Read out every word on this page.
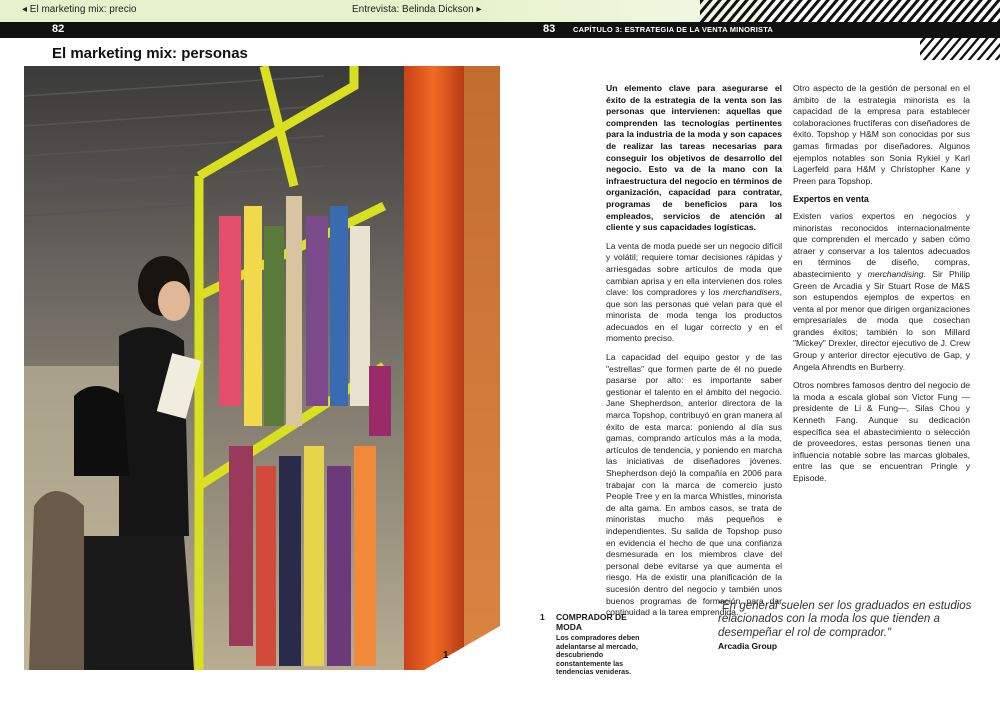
◂ El marketing mix: precio	Entrevista: Belinda Dickson ▸
82	83 CAPÍTULO 3: ESTRATEGIA DE LA VENTA MINORISTA
El marketing mix: personas
1

Un elemento clave para asegurarse el éxito de la estrategia de la venta son las personas que intervienen: aquellas que comprenden las tecnologías pertinentes para la industria de la moda y son capaces de realizar las tareas necesarias para conseguir los objetivos de desarrollo del negocio. Esto va de la mano con la infraestructura del negocio en términos de organización, capacidad para contratar, programas de beneficios para los empleados, servicios de atención al cliente y sus capacidades logísticas.

La venta de moda puede ser un negocio difícil y volátil; requiere tomar decisiones rápidas y arriesgadas sobre artículos de moda que cambian aprisa y en ella intervienen dos roles clave: los compradores y los merchandisers, que son las personas que velan para que el minorista de moda tenga los productos adecuados en el lugar correcto y en el momento preciso.

La capacidad del equipo gestor y de las "estrellas" que formen parte de él no puede pasarse por alto: es importante saber gestionar el talento en el ámbito del negocio. Jane Shepherdson, anterior directora de la marca Topshop, contribuyó en gran manera al éxito de esta marca: poniendo al día sus gamas, comprando artículos más a la moda, artículos de tendencia, y poniendo en marcha las iniciativas de diseñadores jóvenes. Shepherdson dejó la compañía en 2006 para trabajar con la marca de comercio justo People Tree y en la marca Whistles, minorista de alta gama. En ambos casos, se trata de minoristas mucho más pequeños e independientes. Su salida de Topshop puso en evidencia el hecho de que una confianza desmesurada en los miembros clave del personal debe evitarse ya que aumenta el riesgo. Ha de existir una planificación de la sucesión dentro del negocio y también unos buenos programas de formación para dar continuidad a la tarea emprendida.

Otro aspecto de la gestión de personal en el ámbito de la estrategia minorista es la capacidad de la empresa para establecer colaboraciones fructíferas con diseñadores de éxito. Topshop y H&M son conocidas por sus gamas firmadas por diseñadores. Algunos ejemplos notables son Sonia Rykiel y Karl Lagerfeld para H&M y Christopher Kane y Preen para Topshop.

Expertos en venta

Existen varios expertos en negocios y minoristas reconocidos internacionalmente que comprenden el mercado y saben cómo atraer y conservar a los talentos adecuados en términos de diseño, compras, abastecimiento y merchandising. Sir Philip Green de Arcadia y Sir Stuart Rose de M&S son estupendos ejemplos de expertos en venta al por menor que dirigen organizaciones empresariales de moda que cosechan grandes éxitos; también lo son Millard "Mickey" Drexler, director ejecutivo de J. Crew Group y anterior director ejecutivo de Gap, y Angela Ahrendts en Burberry.

Otros nombres famosos dentro del negocio de la moda a escala global son Victor Fung —presidente de Li & Fung—, Silas Chou y Kenneth Fang. Aunque su dedicación específica sea el abastecimiento o selección de proveedores, estas personas tienen una influencia notable sobre las marcas globales, entre las que se encuentran Pringle y Episode.

1 COMPRADOR DE MODA
Los compradores deben adelantarse al mercado, descubriendo constantemente las tendencias venideras.
"En general suelen ser los graduados en estudios relacionados con la moda los que tienden a desempeñar el rol de comprador."
Arcadia Group
